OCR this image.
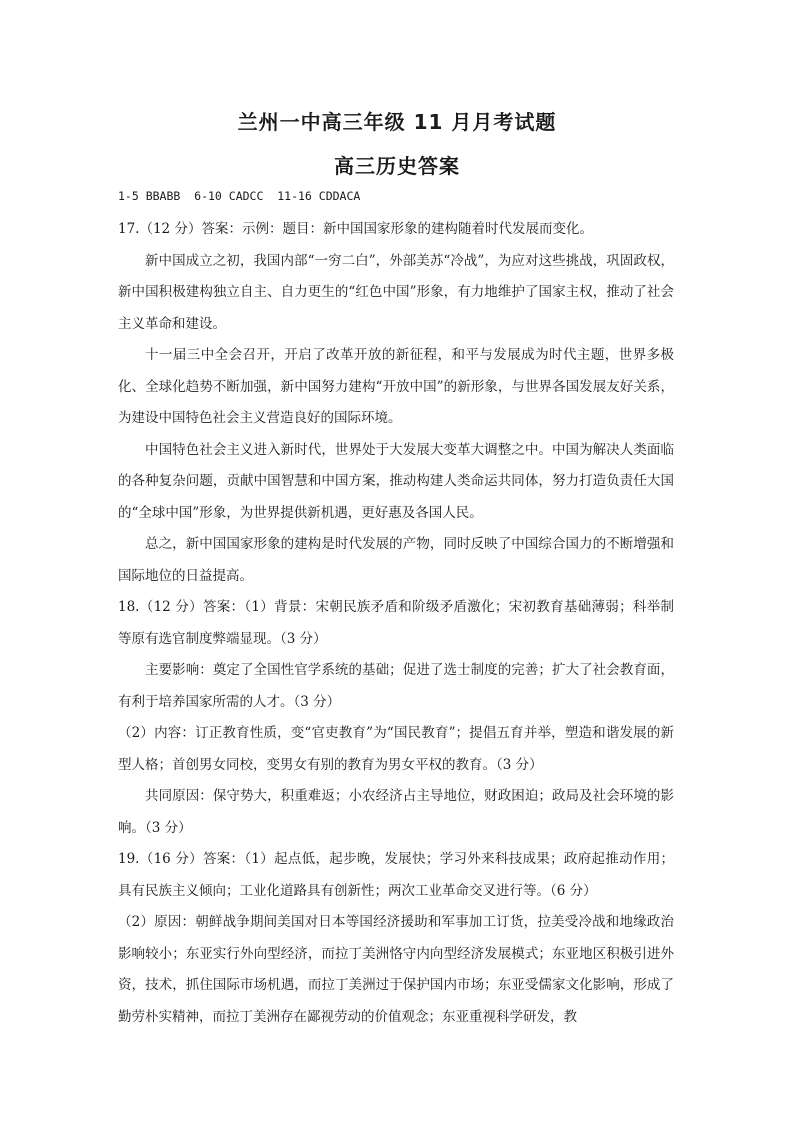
兰州一中高三年级 11 月月考试题
高三历史答案
1-5 BBABB  6-10 CADCC  11-16 CDDACA

17.（12 分）答案：示例：题目：新中国国家形象的建构随着时代发展而变化。

新中国成立之初，我国内部“一穷二白”，外部美苏“冷战”，为应对这些挑战，巩固政权，新中国积极建构独立自主、自力更生的“红色中国”形象，有力地维护了国家主权，推动了社会主义革命和建设。

十一届三中全会召开，开启了改革开放的新征程，和平与发展成为时代主题，世界多极化、全球化趋势不断加强，新中国努力建构“开放中国”的新形象，与世界各国发展友好关系，为建设中国特色社会主义营造良好的国际环境。

中国特色社会主义进入新时代，世界处于大发展大变革大调整之中。中国为解决人类面临的各种复杂问题，贡献中国智慧和中国方案，推动构建人类命运共同体，努力打造负责任大国的“全球中国”形象，为世界提供新机遇，更好惠及各国人民。

总之，新中国国家形象的建构是时代发展的产物，同时反映了中国综合国力的不断增强和国际地位的日益提高。

18.（12 分）答案：（1）背景：宋朝民族矛盾和阶级矛盾激化；宋初教育基础薄弱；科举制等原有选官制度弊端显现。（3 分）

主要影响：奠定了全国性官学系统的基础；促进了选士制度的完善；扩大了社会教育面，有利于培养国家所需的人才。（3 分）

（2）内容：订正教育性质，变“官吏教育”为“国民教育”；提倡五育并举，塑造和谐发展的新型人格；首创男女同校，变男女有别的教育为男女平权的教育。（3 分）

共同原因：保守势大，积重难返；小农经济占主导地位，财政困迫；政局及社会环境的影响。（3 分）

19.（16 分）答案：（1）起点低，起步晚，发展快；学习外来科技成果；政府起推动作用；具有民族主义倾向；工业化道路具有创新性；两次工业革命交叉进行等。（6 分）

（2）原因：朝鲜战争期间美国对日本等国经济援助和军事加工订货，拉美受冷战和地缘政治影响较小；东亚实行外向型经济，而拉丁美洲恪守内向型经济发展模式；东亚地区积极引进外资，技术，抓住国际市场机遇，而拉丁美洲过于保护国内市场；东亚受儒家文化影响，形成了勤劳朴实精神，而拉丁美洲存在鄙视劳动的价值观念；东亚重视科学研发，教
